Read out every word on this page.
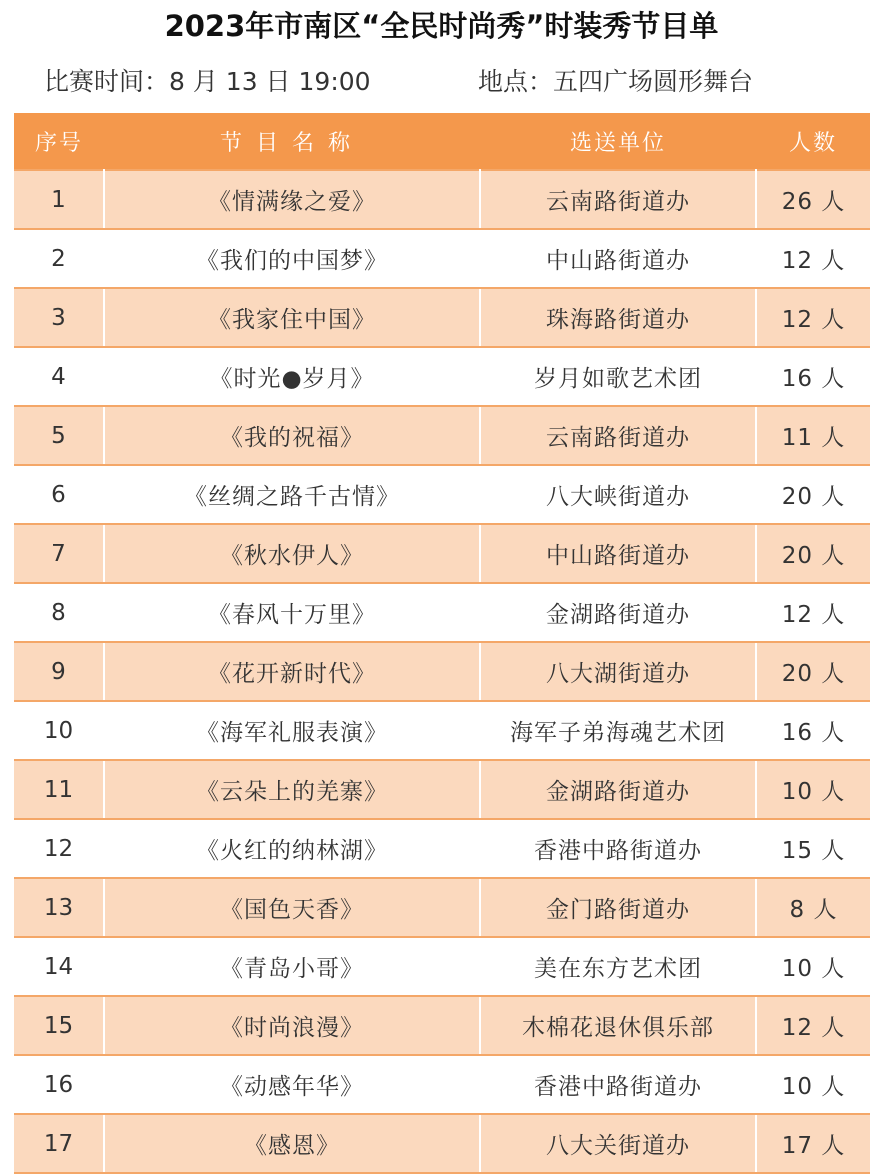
2023年市南区“全民时尚秀”时装秀节目单
比赛时间：8 月 13 日 19:00	地点：五四广场圆形舞台
序号	节目名称	选送单位	人数
1	《情满缘之爱》	云南路街道办	26 人
2	《我们的中国梦》	中山路街道办	12 人
3	《我家住中国》	珠海路街道办	12 人
4	《时光●岁月》	岁月如歌艺术团	16 人
5	《我的祝福》	云南路街道办	11 人
6	《丝绸之路千古情》	八大峡街道办	20 人
7	《秋水伊人》	中山路街道办	20 人
8	《春风十万里》	金湖路街道办	12 人
9	《花开新时代》	八大湖街道办	20 人
10	《海军礼服表演》	海军子弟海魂艺术团	16 人
11	《云朵上的羌寨》	金湖路街道办	10 人
12	《火红的纳林湖》	香港中路街道办	15 人
13	《国色天香》	金门路街道办	8 人
14	《青岛小哥》	美在东方艺术团	10 人
15	《时尚浪漫》	木棉花退休俱乐部	12 人
16	《动感年华》	香港中路街道办	10 人
17	《感恩》	八大关街道办	17 人
